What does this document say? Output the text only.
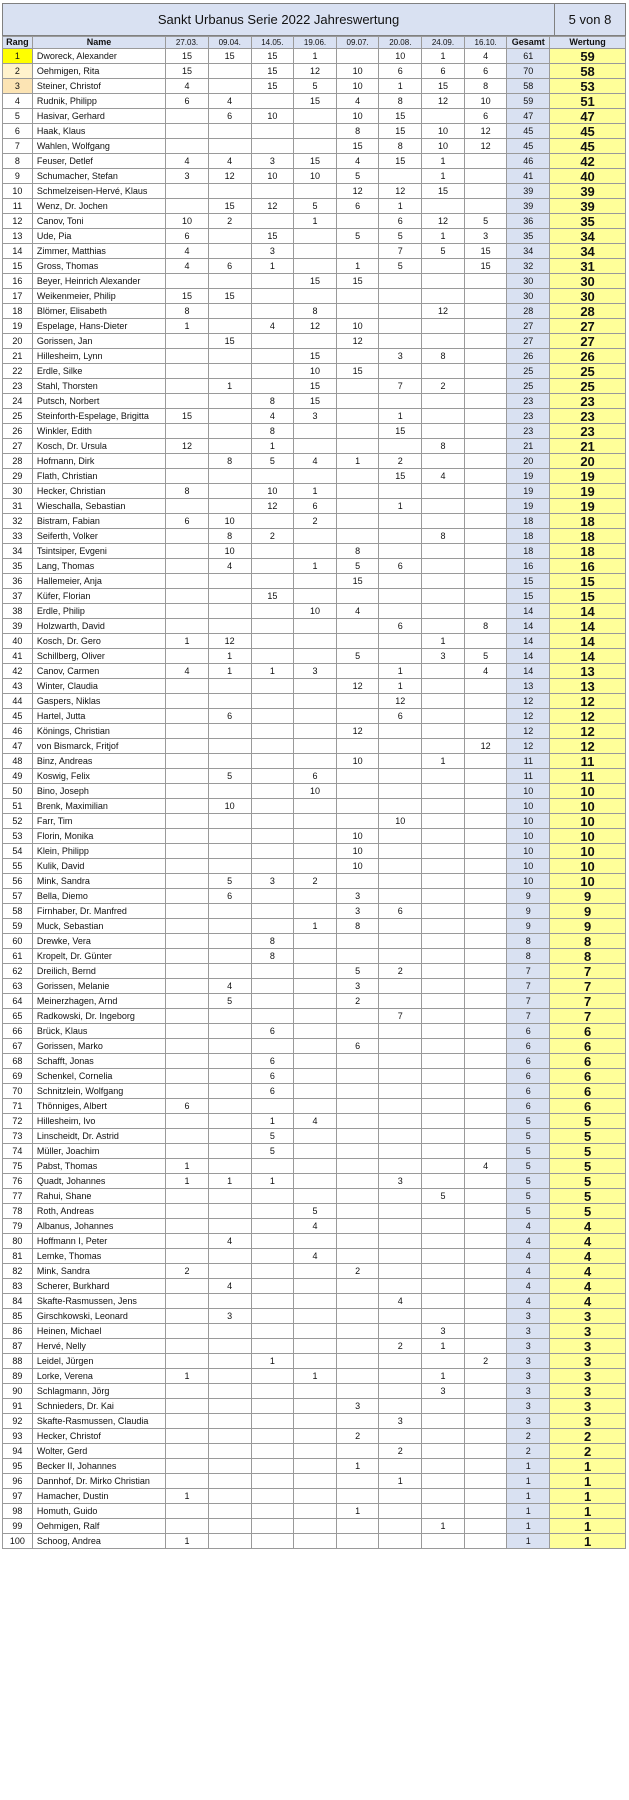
Sankt Urbanus Serie 2022 Jahreswertung	5 von 8
Rang	Name	27.03.	09.04.	14.05.	19.06.	09.07.	20.08.	24.09.	16.10.	Gesamt	Wertung
1	Dworeck, Alexander	15	15	15	1		10	1	4	61	59
2	Oehmigen, Rita	15		15	12	10	6	6	6	70	58
3	Steiner, Christof	4		15	5	10	1	15	8	58	53
4	Rudnik, Philipp	6	4		15	4	8	12	10	59	51
5	Hasivar, Gerhard		6	10		10	15		6	47	47
6	Haak, Klaus					8	15	10	12	45	45
7	Wahlen, Wolfgang					15	8	10	12	45	45
8	Feuser, Detlef	4	4	3	15	4	15	1		46	42
9	Schumacher, Stefan	3	12	10	10	5		1		41	40
10	Schmelzeisen-Hervé, Klaus					12	12	15		39	39
11	Wenz, Dr. Jochen		15	12	5	6	1			39	39
12	Canov, Toni	10	2		1		6	12	5	36	35
13	Ude, Pia	6		15		5	5	1	3	35	34
14	Zimmer, Matthias	4		3			7	5	15	34	34
15	Gross, Thomas	4	6	1		1	5		15	32	31
16	Beyer, Heinrich Alexander				15	15				30	30
17	Weikenmeier, Philip	15	15							30	30
18	Blömer, Elisabeth	8			8			12		28	28
19	Espelage, Hans-Dieter	1		4	12	10				27	27
20	Gorissen, Jan		15			12				27	27
21	Hillesheim, Lynn				15		3	8		26	26
22	Erdle, Silke				10	15				25	25
23	Stahl, Thorsten		1		15		7	2		25	25
24	Putsch, Norbert			8	15					23	23
25	Steinforth-Espelage, Brigitta	15		4	3		1			23	23
26	Winkler, Edith			8			15			23	23
27	Kosch, Dr. Ursula	12		1				8		21	21
28	Hofmann, Dirk		8	5	4	1	2			20	20
29	Flath, Christian						15	4		19	19
30	Hecker, Christian	8		10	1					19	19
31	Wieschalla, Sebastian			12	6		1			19	19
32	Bistram, Fabian	6	10		2					18	18
33	Seiferth, Volker		8	2				8		18	18
34	Tsintsiper, Evgeni		10			8				18	18
35	Lang, Thomas		4		1	5	6			16	16
36	Hallemeier, Anja					15				15	15
37	Küfer, Florian			15						15	15
38	Erdle, Philip				10	4				14	14
39	Holzwarth, David						6		8	14	14
40	Kosch, Dr. Gero	1	12					1		14	14
41	Schillberg, Oliver		1			5		3	5	14	14
42	Canov, Carmen	4	1	1	3		1		4	14	13
43	Winter, Claudia					12	1			13	13
44	Gaspers, Niklas						12			12	12
45	Hartel, Jutta		6				6			12	12
46	Könings, Christian					12				12	12
47	von Bismarck, Fritjof								12	12	12
48	Binz, Andreas					10		1		11	11
49	Koswig, Felix		5		6					11	11
50	Bino, Joseph				10					10	10
51	Brenk, Maximilian		10							10	10
52	Farr, Tim						10			10	10
53	Florin, Monika					10				10	10
54	Klein, Philipp					10				10	10
55	Kulik, David					10				10	10
56	Mink, Sandra		5	3	2					10	10
57	Bella, Diemo		6			3				9	9
58	Firnhaber, Dr. Manfred					3	6			9	9
59	Muck, Sebastian				1	8				9	9
60	Drewke, Vera			8						8	8
61	Kropelt, Dr. Günter			8						8	8
62	Dreilich, Bernd					5	2			7	7
63	Gorissen, Melanie		4			3				7	7
64	Meinerzhagen, Arnd		5			2				7	7
65	Radkowski, Dr. Ingeborg						7			7	7
66	Brück, Klaus			6						6	6
67	Gorissen, Marko					6				6	6
68	Schafft, Jonas			6						6	6
69	Schenkel, Cornelia			6						6	6
70	Schnitzlein, Wolfgang			6						6	6
71	Thönniges, Albert	6								6	6
72	Hillesheim, Ivo			1	4					5	5
73	Linscheidt, Dr. Astrid			5						5	5
74	Müller, Joachim			5						5	5
75	Pabst, Thomas	1							4	5	5
76	Quadt, Johannes	1	1	1			3			5	5
77	Rahui, Shane							5		5	5
78	Roth, Andreas				5					5	5
79	Albanus, Johannes				4					4	4
80	Hoffmann I, Peter		4							4	4
81	Lemke, Thomas				4					4	4
82	Mink, Sandra	2				2				4	4
83	Scherer, Burkhard		4							4	4
84	Skafte-Rasmussen, Jens						4			4	4
85	Girschkowski, Leonard		3							3	3
86	Heinen, Michael							3		3	3
87	Hervé, Nelly						2	1		3	3
88	Leidel, Jürgen			1					2	3	3
89	Lorke, Verena	1			1			1		3	3
90	Schlagmann, Jörg							3		3	3
91	Schnieders, Dr. Kai					3				3	3
92	Skafte-Rasmussen, Claudia						3			3	3
93	Hecker, Christof					2				2	2
94	Wolter, Gerd						2			2	2
95	Becker II, Johannes					1				1	1
96	Dannhof, Dr. Mirko Christian						1			1	1
97	Hamacher, Dustin	1								1	1
98	Homuth, Guido					1				1	1
99	Oehmigen, Ralf							1		1	1
100	Schoog, Andrea	1								1	1
